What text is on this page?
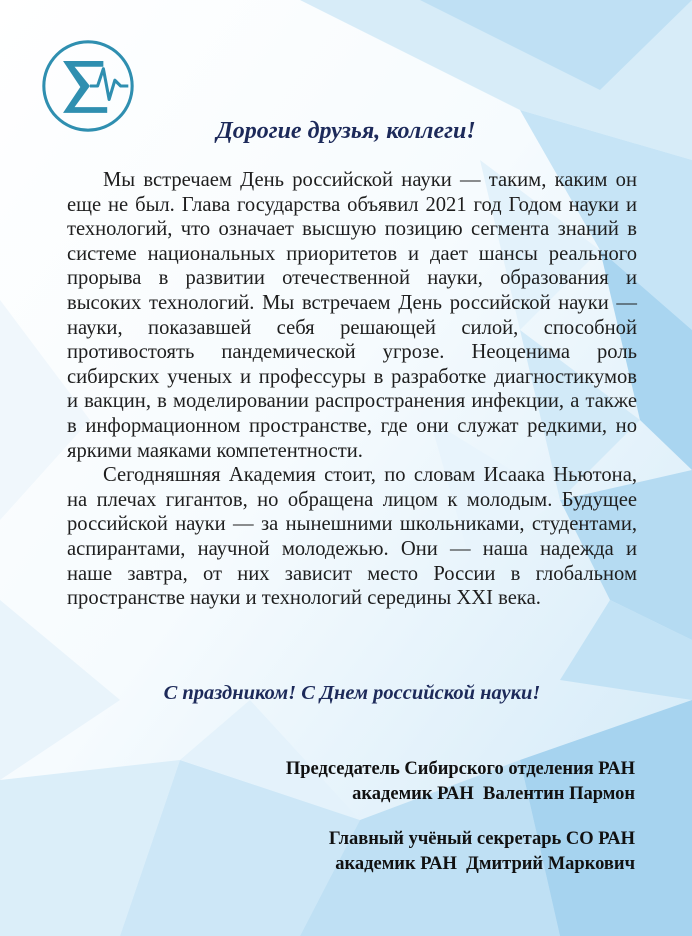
Дорогие друзья, коллеги!

Мы встречаем День российской науки — таким, каким он еще не был. Глава государства объявил 2021 год Годом науки и технологий, что означает высшую позицию сегмента знаний в системе национальных приоритетов и дает шансы реального прорыва в развитии отечественной науки, образования и высоких технологий. Мы встречаем День российской науки — науки, показавшей себя решающей силой, способной противостоять пандемической угрозе. Неоценима роль сибирских ученых и профессуры в разработке диагностикумов и вакцин, в моделировании распространения инфекции, а также в информационном пространстве, где они служат редкими, но яркими маяками компетентности.

Сегодняшняя Академия стоит, по словам Исаака Ньютона, на плечах гигантов, но обращена лицом к молодым. Будущее российской науки — за нынешними школьниками, студентами, аспирантами, научной молодежью. Они — наша надежда и наше завтра, от них зависит место России в глобальном пространстве науки и технологий середины XXI века.

С праздником! С Днем российской науки!
Председатель Сибирского отделения РАН
академик РАН  Валентин Пармон
Главный учёный секретарь СО РАН
академик РАН  Дмитрий Маркович
